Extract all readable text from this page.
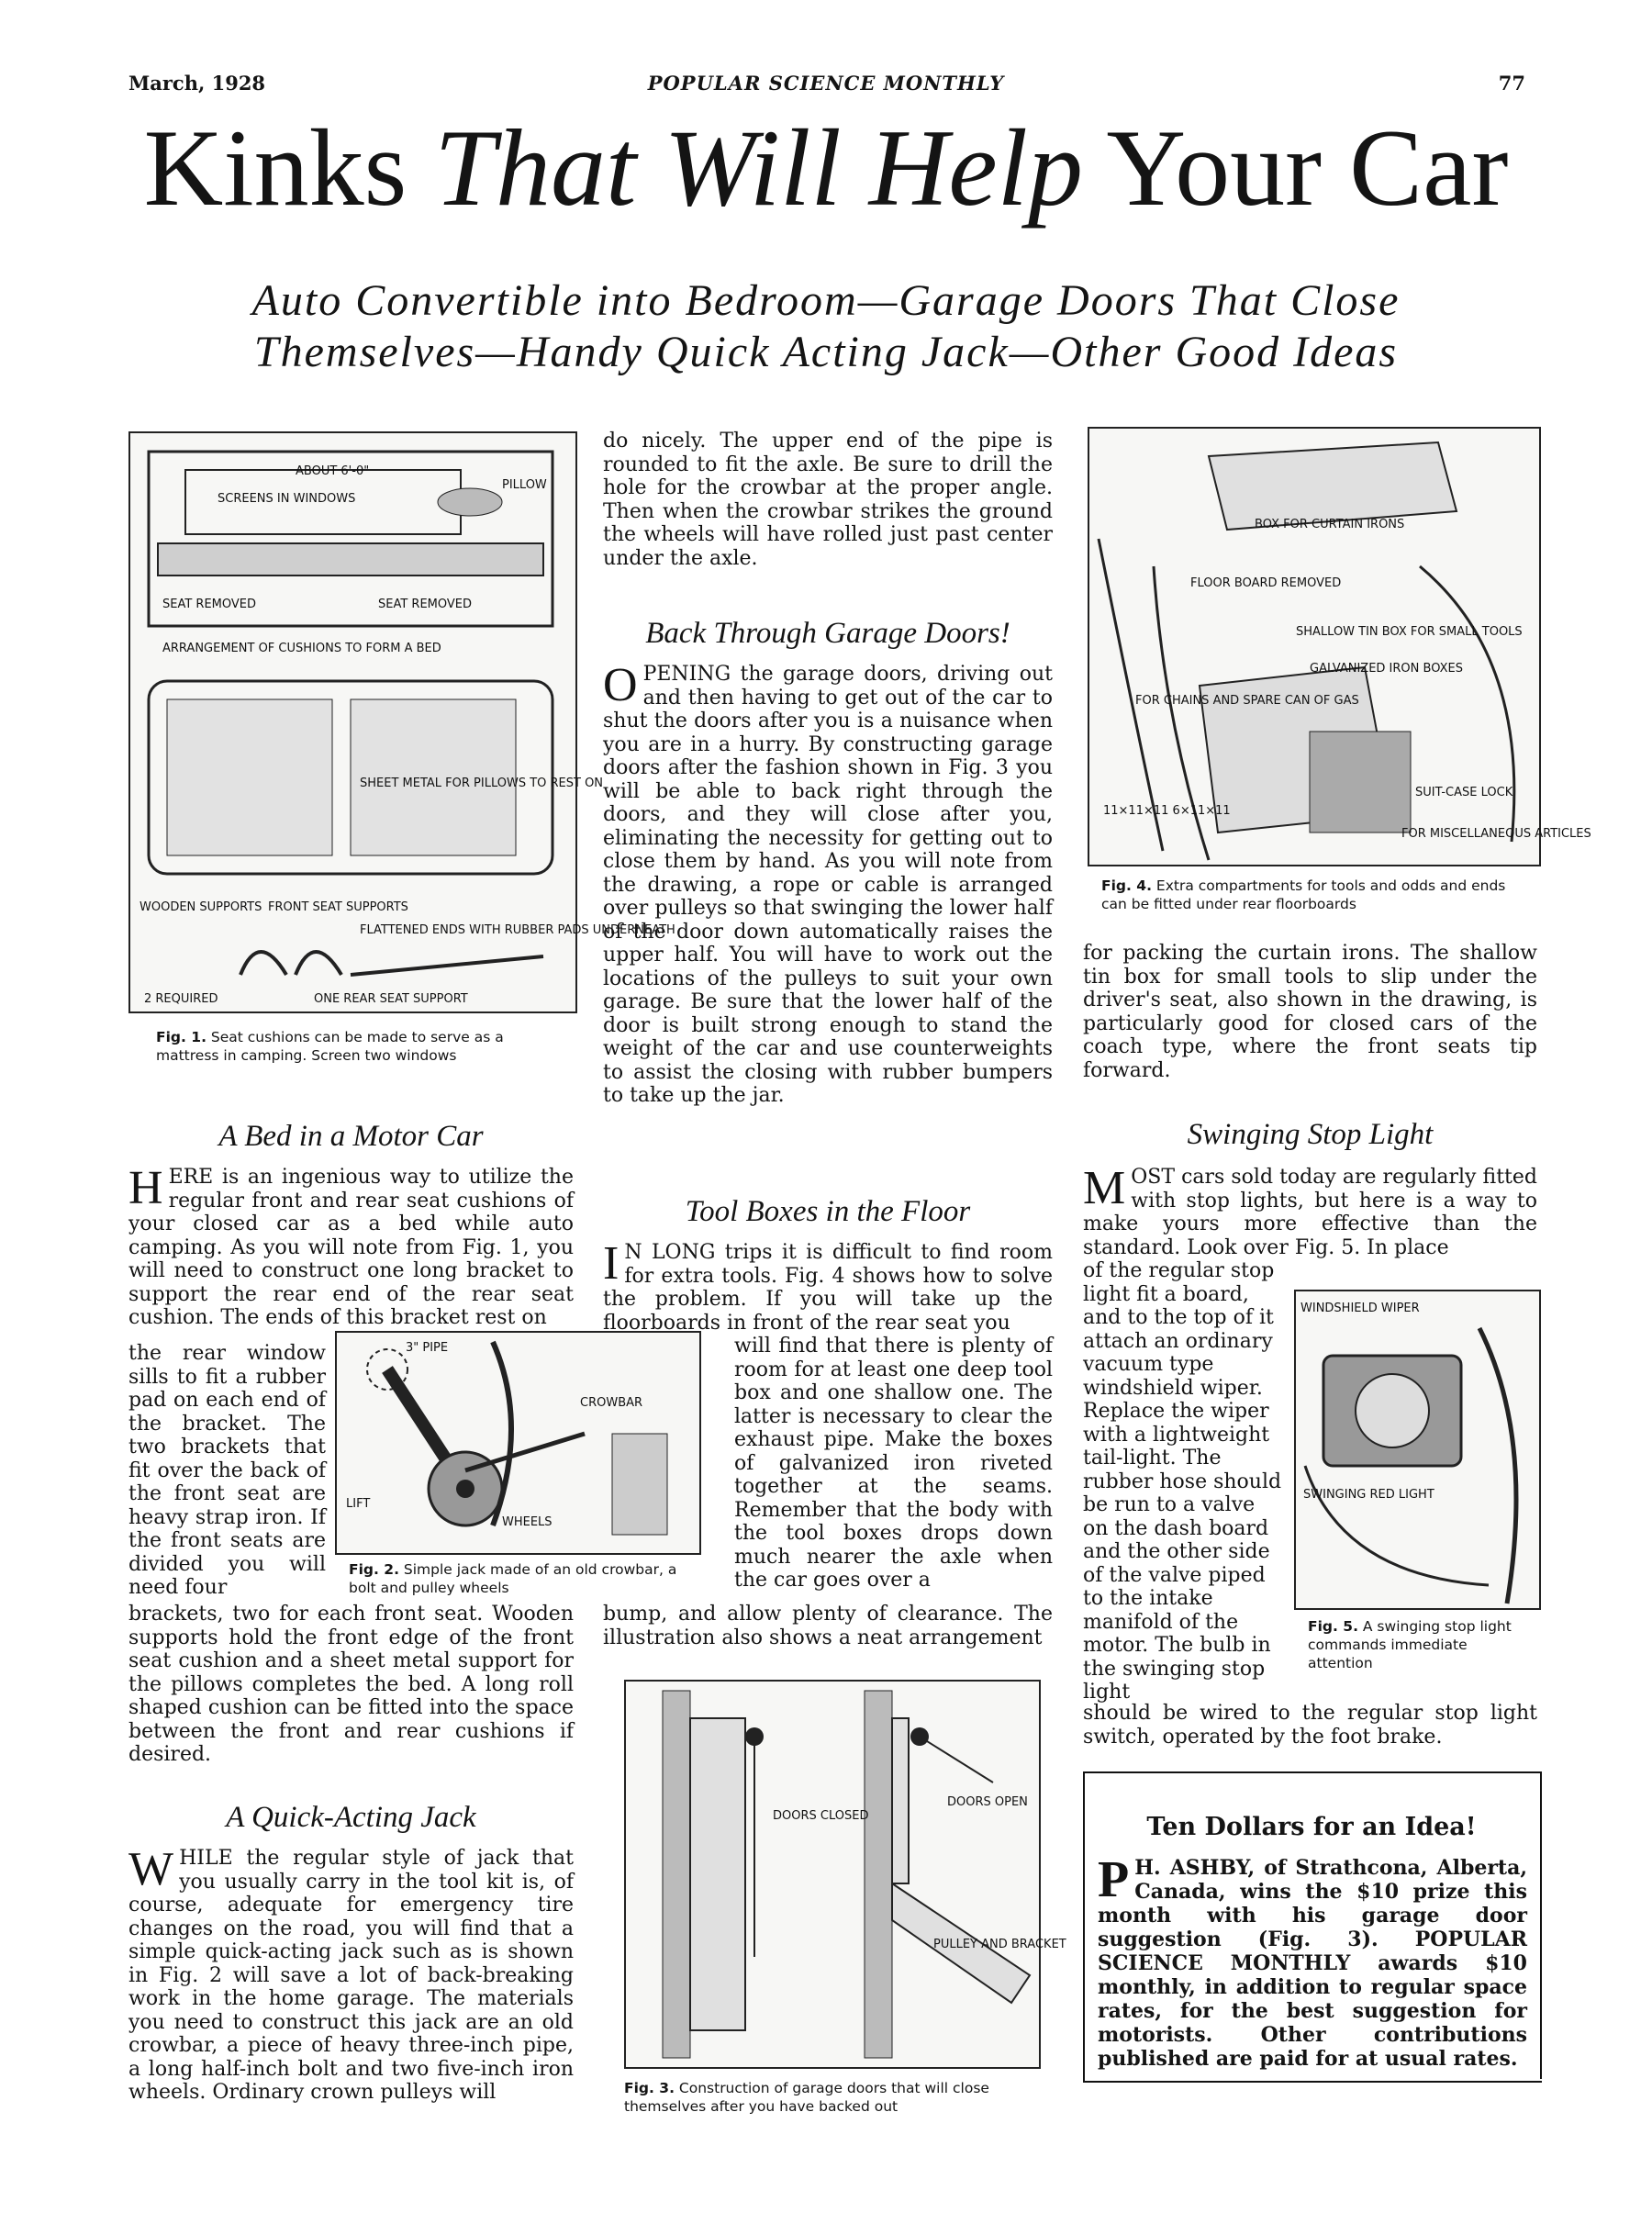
March, 1928	POPULAR SCIENCE MONTHLY	77
Kinks That Will Help Your Car
Auto Convertible into Bedroom—Garage Doors That Close
Themselves—Handy Quick Acting Jack—Other Good Ideas
ABOUT 6'-0"
SCREENS IN WINDOWS
PILLOW
SEAT REMOVED	SEAT REMOVED
ARRANGEMENT OF CUSHIONS TO FORM A BED
SHEET METAL FOR PILLOWS TO REST ON
WOODEN SUPPORTS FRONT SEAT SUPPORTS
FLATTENED ENDS WITH RUBBER PADS UNDERNEATH
2 REQUIRED	ONE REAR SEAT SUPPORT
Fig. 1. Seat cushions can be made to serve as a mattress in camping. Screen two windows
A Bed in a Motor Car

HERE is an ingenious way to utilize the regular front and rear seat cushions of your closed car as a bed while auto camping. As you will note from Fig. 1, you will need to construct one long bracket to support the rear end of the rear seat cushion. The ends of this bracket rest on

the rear window sills to fit a rubber pad on each end of the bracket. The two brackets that fit over the back of the front seat are heavy strap iron. If the front seats are divided you will need four
brackets, two for each front seat. Wooden supports hold the front edge of the front seat cushion and a sheet metal support for the pillows completes the bed. A long roll shaped cushion can be fitted into the space between the front and rear cushions if desired.
A Quick-Acting Jack

WHILE the regular style of jack that you usually carry in the tool kit is, of course, adequate for emergency tire changes on the road, you will find that a simple quick-acting jack such as is shown in Fig. 2 will save a lot of back-breaking work in the home garage. The materials you need to construct this jack are an old crowbar, a piece of heavy three-inch pipe, a long half-inch bolt and two five-inch iron wheels. Ordinary crown pulleys will

3" PIPE
CROWBAR
LIFT
WHEELS
Fig. 2. Simple jack made of an old crowbar, a bolt and pulley wheels
do nicely. The upper end of the pipe is rounded to fit the axle. Be sure to drill the hole for the crowbar at the proper angle. Then when the crowbar strikes the ground the wheels will have rolled just past center under the axle.
Back Through Garage Doors!

OPENING the garage doors, driving out and then having to get out of the car to shut the doors after you is a nuisance when you are in a hurry. By constructing garage doors after the fashion shown in Fig. 3 you will be able to back right through the doors, and they will close after you, eliminating the necessity for getting out to close them by hand. As you will note from the drawing, a rope or cable is arranged over pulleys so that swinging the lower half of the door down automatically raises the upper half. You will have to work out the locations of the pulleys to suit your own garage. Be sure that the lower half of the door is built strong enough to stand the weight of the car and use counterweights to assist the closing with rubber bumpers to take up the jar.

Tool Boxes in the Floor

I N LONG trips it is difficult to find room for extra tools. Fig. 4 shows how to solve the problem. If you will take up the floorboards in front of the rear seat you

will find that there is plenty of room for at least one deep tool box and one shallow one. The latter is necessary to clear the exhaust pipe. Make the boxes of galvanized iron riveted together at the seams. Remember that the body with the tool boxes drops down much nearer the axle when the car goes over a
bump, and allow plenty of clearance. The illustration also shows a neat arrangement
DOORS CLOSED
DOORS OPEN
PULLEY AND BRACKET
Fig. 3. Construction of garage doors that will close themselves after you have backed out
BOX FOR CURTAIN IRONS
FLOOR BOARD REMOVED
SHALLOW TIN BOX FOR SMALL TOOLS
GALVANIZED IRON BOXES
FOR CHAINS AND SPARE CAN OF GAS
SUIT-CASE LOCK
FOR MISCELLANEOUS ARTICLES
11×11×11 6×11×11
Fig. 4. Extra compartments for tools and odds and ends can be fitted under rear floorboards
for packing the curtain irons. The shallow tin box for small tools to slip under the driver's seat, also shown in the drawing, is particularly good for closed cars of the coach type, where the front seats tip forward.
Swinging Stop Light

MOST cars sold today are regularly fitted with stop lights, but here is a way to make yours more effective than the standard. Look over Fig. 5. In place

of the regular stop light fit a board, and to the top of it attach an ordinary vacuum type windshield wiper. Replace the wiper with a lightweight tail-light. The rubber hose should be run to a valve on the dash board and the other side of the valve piped to the intake manifold of the motor. The bulb in the swinging stop light
should be wired to the regular stop light switch, operated by the foot brake.
WINDSHIELD WIPER
SWINGING RED LIGHT
Fig. 5. A swinging stop light commands immediate attention
Ten Dollars for an Idea!
P H. ASHBY, of Strathcona, Alberta, Canada, wins the $10 prize this month with his garage door suggestion (Fig. 3). POPULAR SCIENCE MONTHLY awards $10 monthly, in addition to regular space rates, for the best suggestion for motorists. Other contributions published are paid for at usual rates.
